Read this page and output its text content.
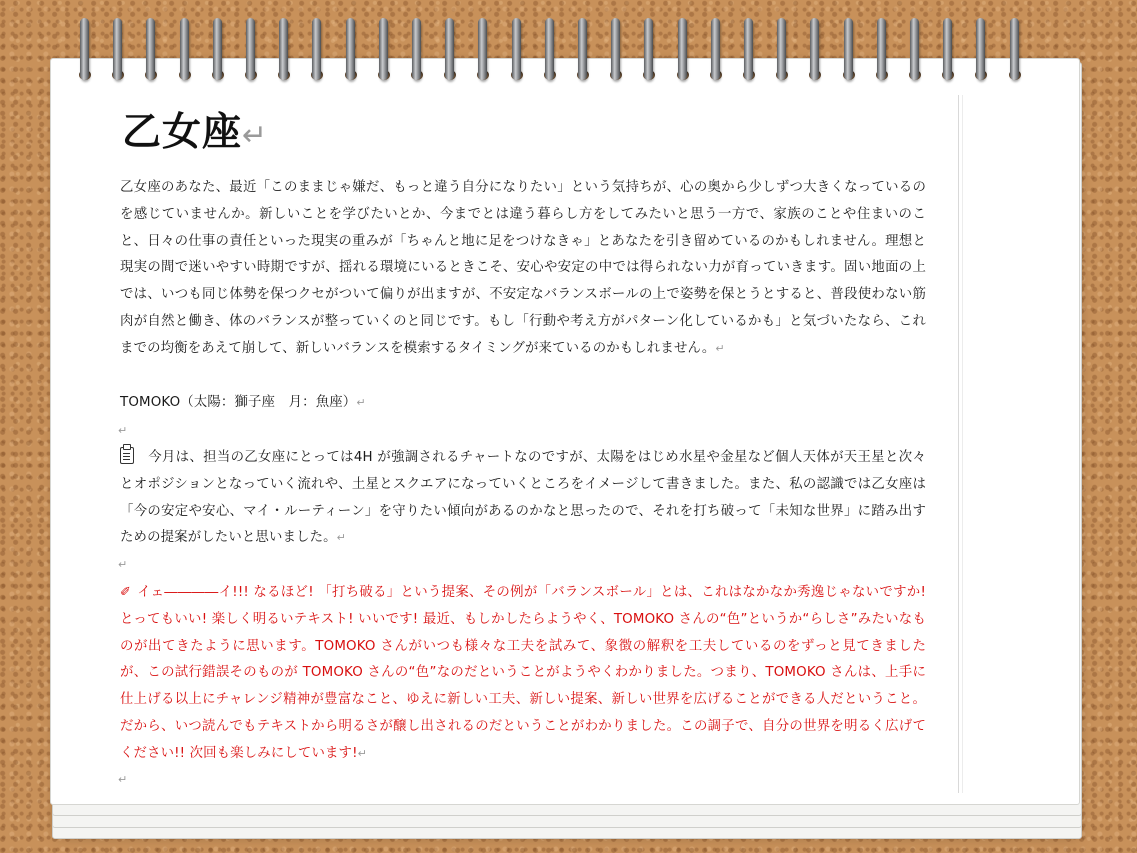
乙女座↵

乙女座のあなた、最近「このままじゃ嫌だ、もっと違う自分になりたい」という気持ちが、心の奥から少しずつ大きくなっているのを感じていませんか。新しいことを学びたいとか、今までとは違う暮らし方をしてみたいと思う一方で、家族のことや住まいのこと、日々の仕事の責任といった現実の重みが「ちゃんと地に足をつけなきゃ」とあなたを引き留めているのかもしれません。理想と現実の間で迷いやすい時期ですが、揺れる環境にいるときこそ、安心や安定の中では得られない力が育っていきます。固い地面の上では、いつも同じ体勢を保つクセがついて偏りが出ますが、不安定なバランスボールの上で姿勢を保とうとすると、普段使わない筋肉が自然と働き、体のバランスが整っていくのと同じです。もし「行動や考え方がパターン化しているかも」と気づいたなら、これまでの均衡をあえて崩して、新しいバランスを模索するタイミングが来ているのかもしれません。↵

TOMOKO（太陽：獅子座　月：魚座）↵

↵

今月は、担当の乙女座にとっては4H が強調されるチャートなのですが、太陽をはじめ水星や金星など個人天体が天王星と次々とオポジションとなっていく流れや、土星とスクエアになっていくところをイメージして書きました。また、私の認識では乙女座は「今の安定や安心、マイ・ルーティーン」を守りたい傾向があるのかなと思ったので、それを打ち破って「未知な世界」に踏み出すための提案がしたいと思いました。↵

↵

✐ イェ――――イ!!! なるほど! 「打ち破る」という提案、その例が「バランスボール」とは、これはなかなか秀逸じゃないですか! とってもいい! 楽しく明るいテキスト! いいです! 最近、もしかしたらようやく、TOMOKO さんの“色”というか“らしさ”みたいなものが出てきたように思います。TOMOKO さんがいつも様々な工夫を試みて、象徴の解釈を工夫しているのをずっと見てきましたが、この試行錯誤そのものが TOMOKO さんの“色”なのだということがようやくわかりました。つまり、TOMOKO さんは、上手に仕上げる以上にチャレンジ精神が豊富なこと、ゆえに新しい工夫、新しい提案、新しい世界を広げることができる人だということ。だから、いつ読んでもテキストから明るさが醸し出されるのだということがわかりました。この調子で、自分の世界を明るく広げてください!! 次回も楽しみにしています!↵

↵
